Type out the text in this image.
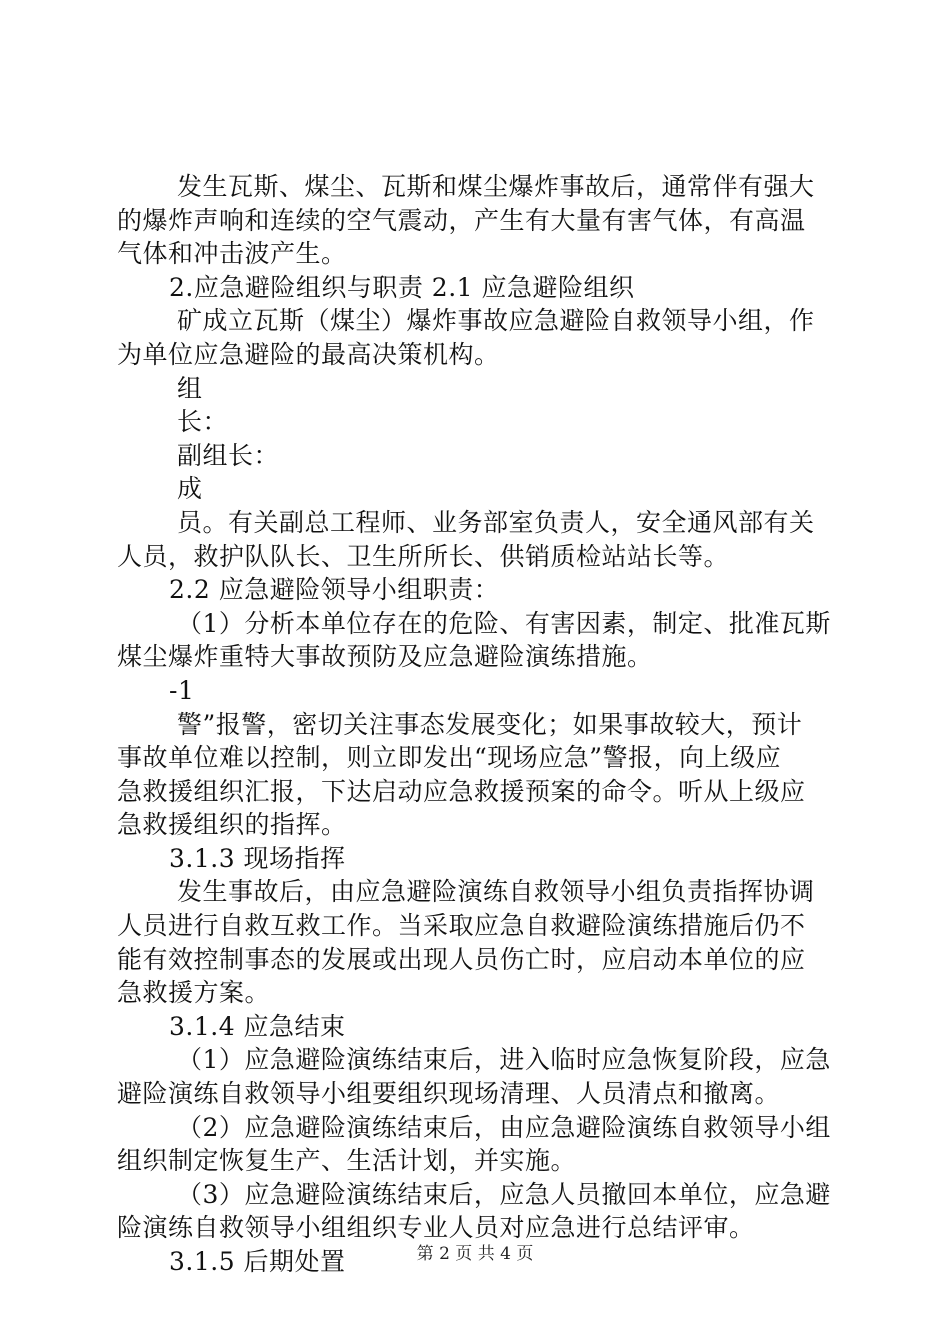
发生瓦斯、煤尘、瓦斯和煤尘爆炸事故后，通常伴有强大

的爆炸声响和连续的空气震动，产生有大量有害气体，有高温

气体和冲击波产生。

2.应急避险组织与职责 2.1 应急避险组织

矿成立瓦斯（煤尘）爆炸事故应急避险自救领导小组，作

为单位应急避险的最高决策机构。

组

长：

副组长：

成

员。有关副总工程师、业务部室负责人，安全通风部有关

人员，救护队队长、卫生所所长、供销质检站站长等。

2.2 应急避险领导小组职责：

（1）分析本单位存在的危险、有害因素，制定、批准瓦斯

煤尘爆炸重特大事故预防及应急避险演练措施。

-1

警”报警，密切关注事态发展变化；如果事故较大，预计

事故单位难以控制，则立即发出“现场应急”警报，向上级应

急救援组织汇报，下达启动应急救援预案的命令。听从上级应

急救援组织的指挥。

3.1.3 现场指挥

发生事故后，由应急避险演练自救领导小组负责指挥协调

人员进行自救互救工作。当采取应急自救避险演练措施后仍不

能有效控制事态的发展或出现人员伤亡时，应启动本单位的应

急救援方案。

3.1.4 应急结束

（1）应急避险演练结束后，进入临时应急恢复阶段，应急

避险演练自救领导小组要组织现场清理、人员清点和撤离。

（2）应急避险演练结束后，由应急避险演练自救领导小组

组织制定恢复生产、生活计划，并实施。

（3）应急避险演练结束后，应急人员撤回本单位，应急避

险演练自救领导小组组织专业人员对应急进行总结评审。

3.1.5 后期处置	第 2 页 共 4 页
